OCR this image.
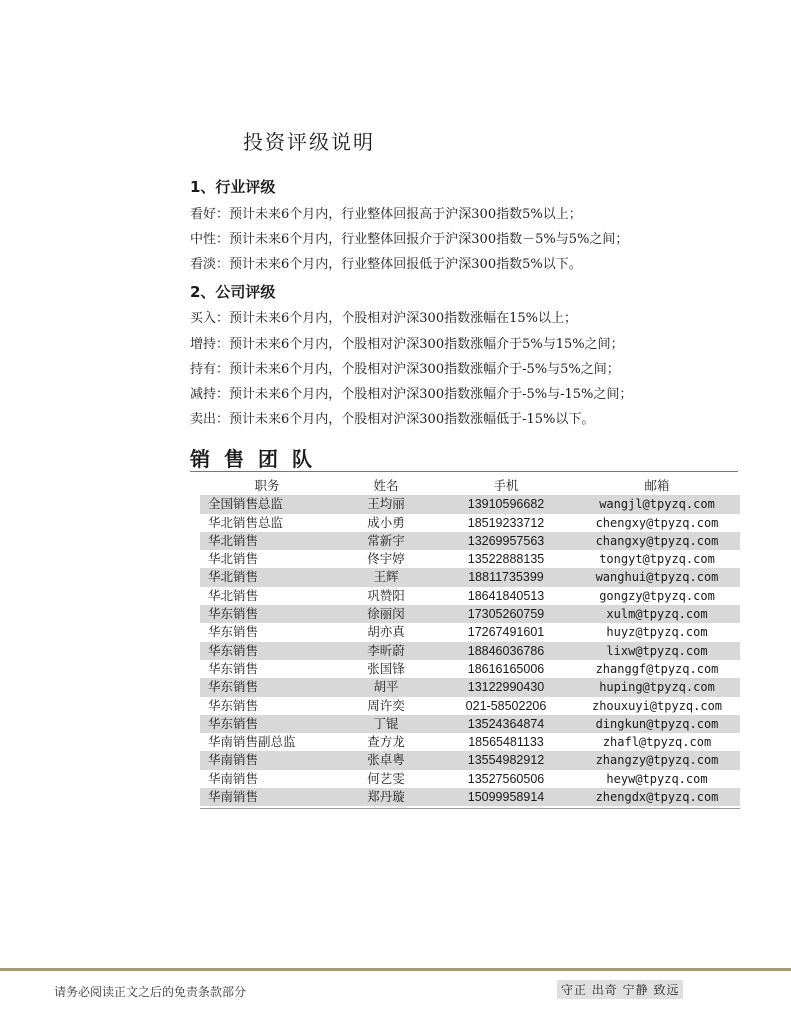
投资评级说明
1、行业评级
看好：预计未来6个月内，行业整体回报高于沪深300指数5%以上；
中性：预计未来6个月内，行业整体回报介于沪深300指数－5%与5%之间；
看淡：预计未来6个月内，行业整体回报低于沪深300指数5%以下。
2、公司评级
买入：预计未来6个月内，个股相对沪深300指数涨幅在15%以上；
增持：预计未来6个月内，个股相对沪深300指数涨幅介于5%与15%之间；
持有：预计未来6个月内，个股相对沪深300指数涨幅介于-5%与5%之间；
减持：预计未来6个月内，个股相对沪深300指数涨幅介于-5%与-15%之间；
卖出：预计未来6个月内，个股相对沪深300指数涨幅低于-15%以下。
销售团队
职务	姓名	手机	邮箱
全国销售总监	王均丽	13910596682	wangjl@tpyzq.com
华北销售总监	成小勇	18519233712	chengxy@tpyzq.com
华北销售	常新宇	13269957563	changxy@tpyzq.com
华北销售	佟宇婷	13522888135	tongyt@tpyzq.com
华北销售	王辉	18811735399	wanghui@tpyzq.com
华北销售	巩赞阳	18641840513	gongzy@tpyzq.com
华东销售	徐丽闵	17305260759	xulm@tpyzq.com
华东销售	胡亦真	17267491601	huyz@tpyzq.com
华东销售	李昕蔚	18846036786	lixw@tpyzq.com
华东销售	张国锋	18616165006	zhanggf@tpyzq.com
华东销售	胡平	13122990430	huping@tpyzq.com
华东销售	周许奕	021-58502206	zhouxuyi@tpyzq.com
华东销售	丁锟	13524364874	dingkun@tpyzq.com
华南销售副总监	查方龙	18565481133	zhafl@tpyzq.com
华南销售	张卓粤	13554982912	zhangzy@tpyzq.com
华南销售	何艺雯	13527560506	heyw@tpyzq.com
华南销售	郑丹璇	15099958914	zhengdx@tpyzq.com
请务必阅读正文之后的免责条款部分	守正 出奇 宁静 致远
